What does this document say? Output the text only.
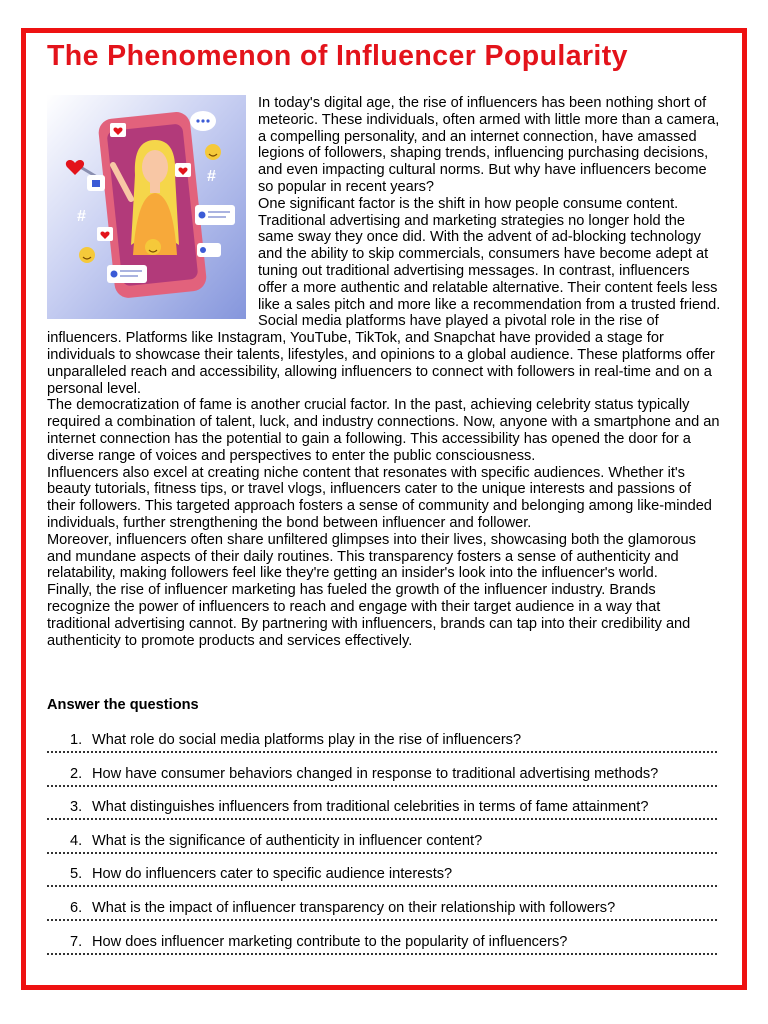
The Phenomenon of Influencer Popularity
#
#

In today's digital age, the rise of influencers has been nothing short of meteoric. These individuals, often armed with little more than a camera, a compelling personality, and an internet connection, have amassed legions of followers, shaping trends, influencing purchasing decisions, and even impacting cultural norms. But why have influencers become so popular in recent years?

One significant factor is the shift in how people consume content. Traditional advertising and marketing strategies no longer hold the same sway they once did. With the advent of ad-blocking technology and the ability to skip commercials, consumers have become adept at tuning out traditional advertising messages. In contrast, influencers offer a more authentic and relatable alternative. Their content feels less like a sales pitch and more like a recommendation from a trusted friend.

Social media platforms have played a pivotal role in the rise of influencers. Platforms like Instagram, YouTube, TikTok, and Snapchat have provided a stage for individuals to showcase their talents, lifestyles, and opinions to a global audience. These platforms offer unparalleled reach and accessibility, allowing influencers to connect with followers in real-time and on a personal level.

The democratization of fame is another crucial factor. In the past, achieving celebrity status typically required a combination of talent, luck, and industry connections. Now, anyone with a smartphone and an internet connection has the potential to gain a following. This accessibility has opened the door for a diverse range of voices and perspectives to enter the public consciousness.

Influencers also excel at creating niche content that resonates with specific audiences. Whether it's beauty tutorials, fitness tips, or travel vlogs, influencers cater to the unique interests and passions of their followers. This targeted approach fosters a sense of community and belonging among like-minded individuals, further strengthening the bond between influencer and follower.

Moreover, influencers often share unfiltered glimpses into their lives, showcasing both the glamorous and mundane aspects of their daily routines. This transparency fosters a sense of authenticity and relatability, making followers feel like they're getting an insider's look into the influencer's world.

Finally, the rise of influencer marketing has fueled the growth of the influencer industry. Brands recognize the power of influencers to reach and engage with their target audience in a way that traditional advertising cannot. By partnering with influencers, brands can tap into their credibility and authenticity to promote products and services effectively.

Answer the questions
1. What role do social media platforms play in the rise of influencers?
2. How have consumer behaviors changed in response to traditional advertising methods?
3. What distinguishes influencers from traditional celebrities in terms of fame attainment?
4. What is the significance of authenticity in influencer content?
5. How do influencers cater to specific audience interests?
6. What is the impact of influencer transparency on their relationship with followers?
7. How does influencer marketing contribute to the popularity of influencers?
